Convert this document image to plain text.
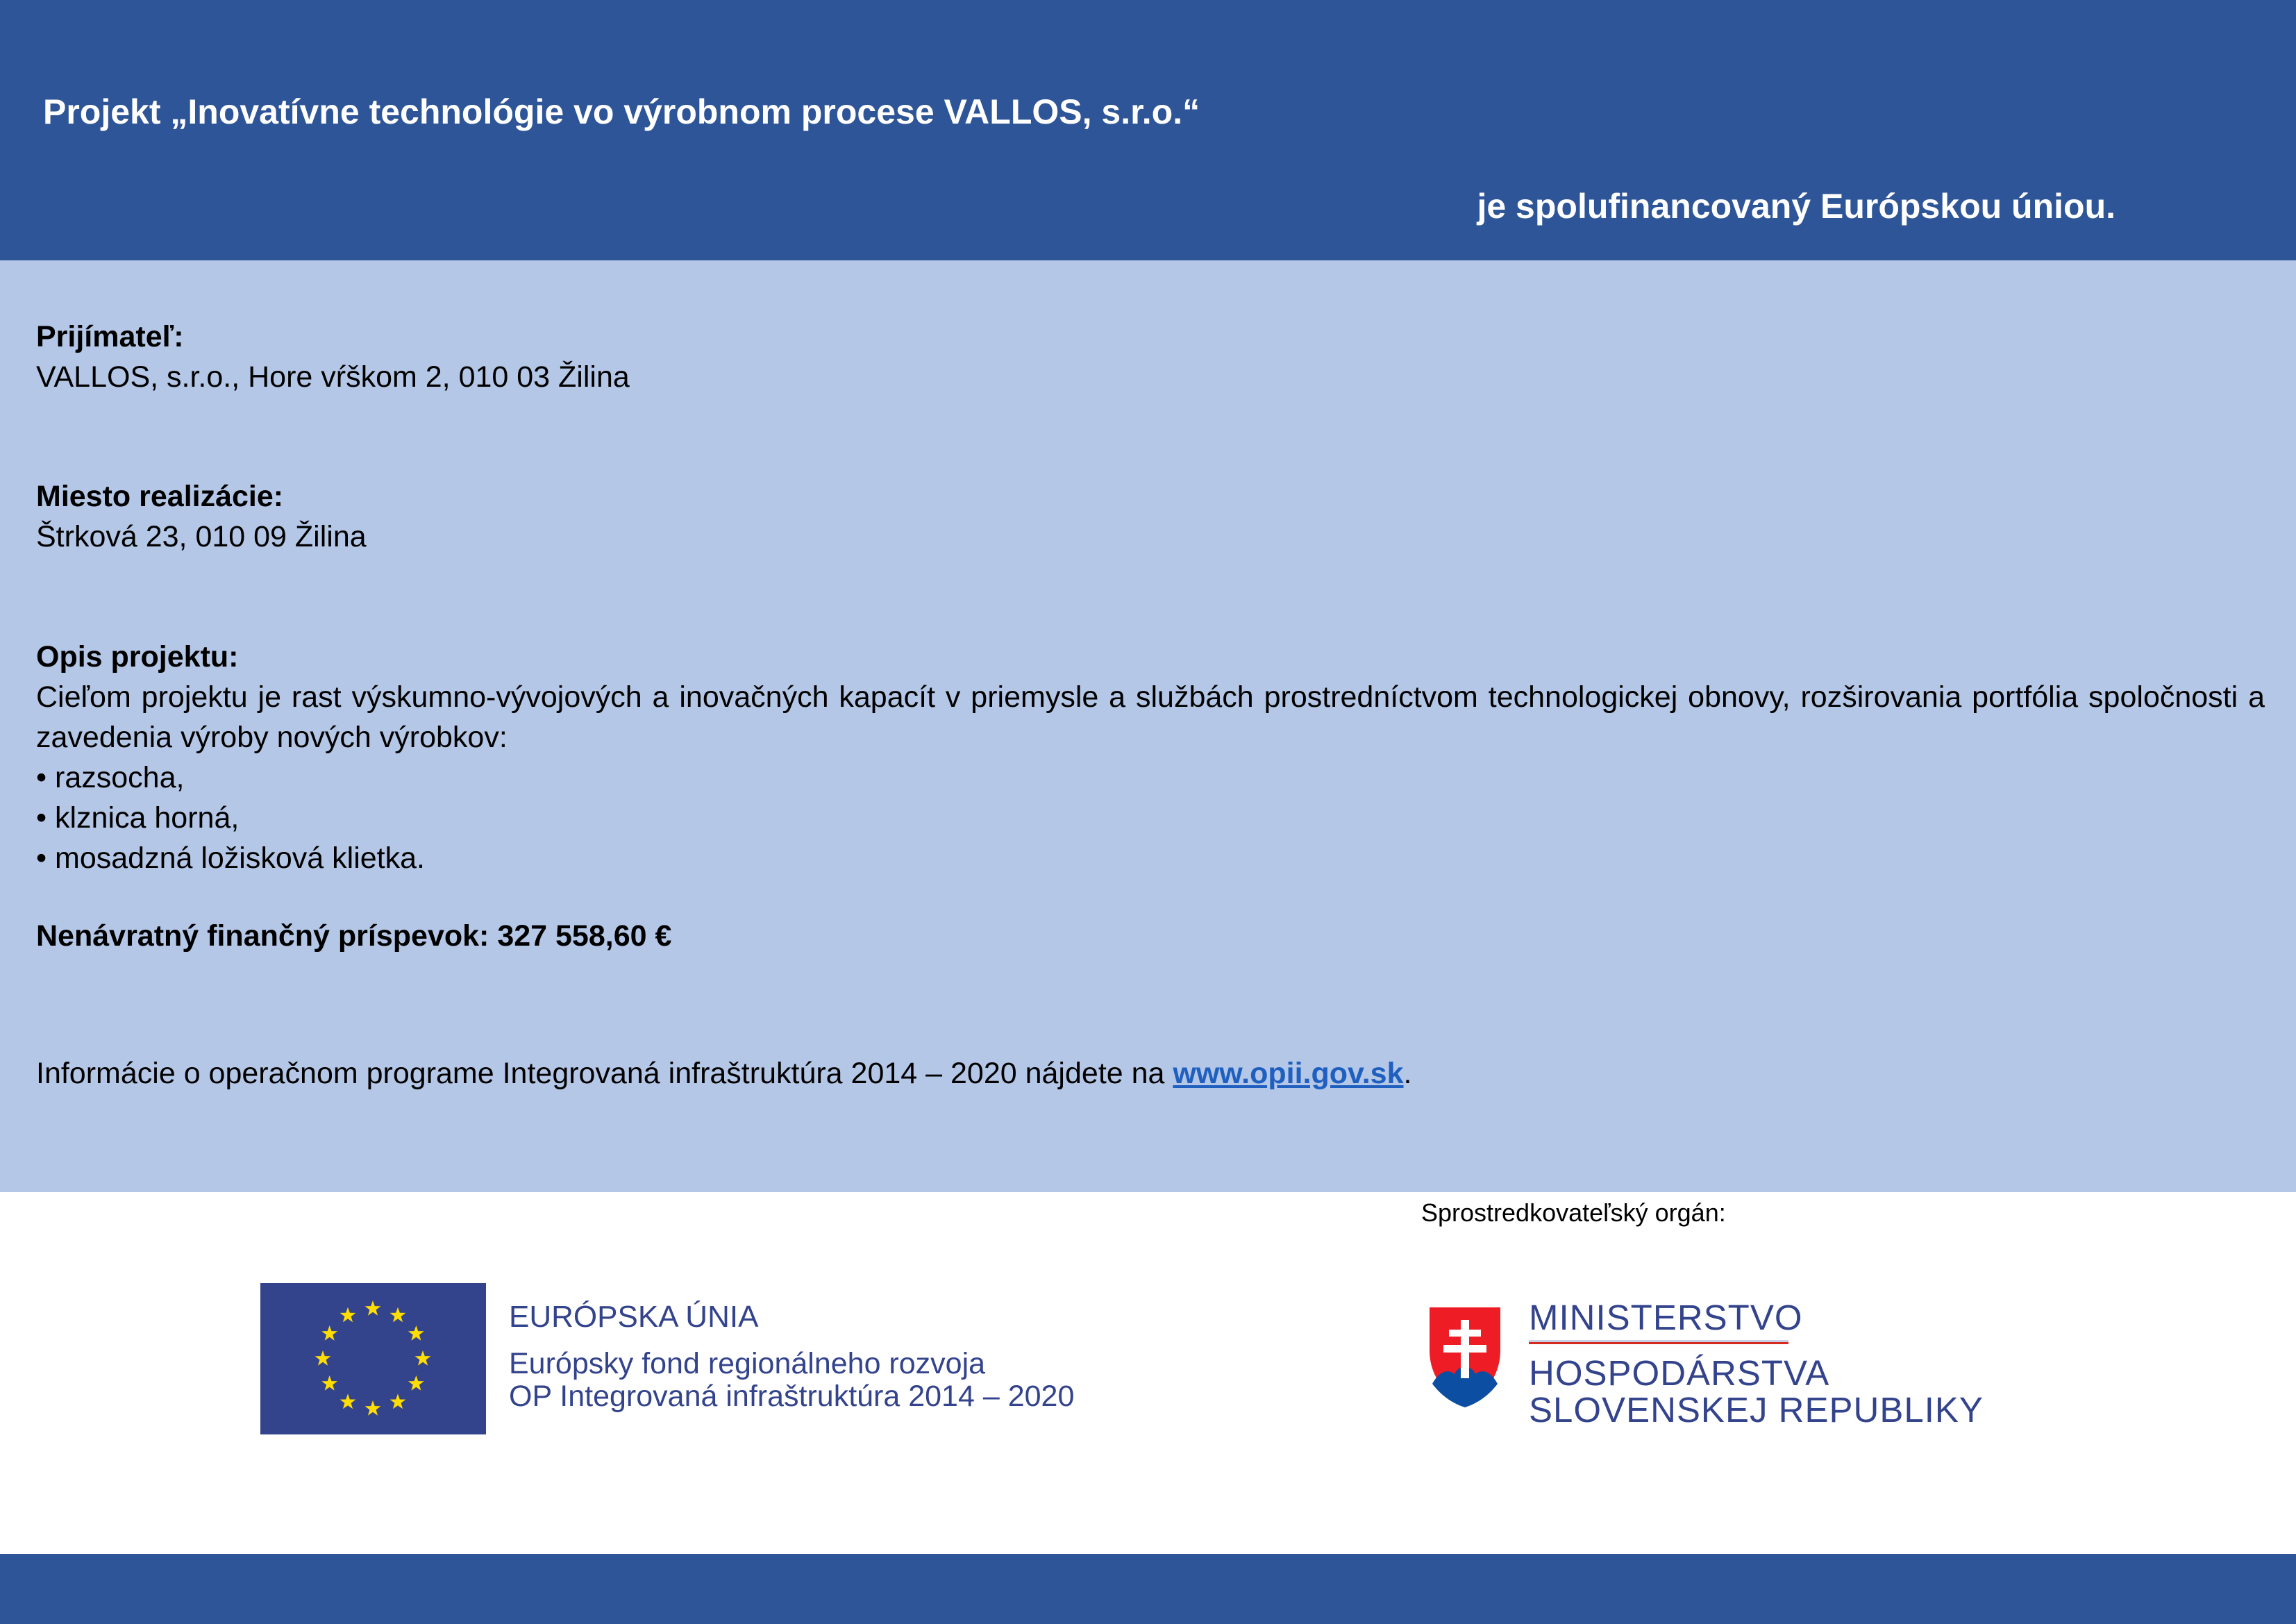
Projekt „Inovatívne technológie vo výrobnom procese VALLOS, s.r.o.“
je spolufinancovaný Európskou úniou.
Prijímateľ:
VALLOS, s.r.o., Hore vŕškom 2, 010 03 Žilina
Miesto realizácie:
Štrková 23, 010 09 Žilina
Opis projektu:
Cieľom projektu je rast výskumno-vývojových a inovačných kapacít v priemysle a službách prostredníctvom technologickej obnovy, rozširovania portfólia spoločnosti a zavedenia výroby nových výrobkov:
• razsocha,
• klznica horná,
• mosadzná ložisková klietka.
Nenávratný finančný príspevok: 327 558,60 €
Informácie o operačnom programe Integrovaná infraštruktúra 2014 – 2020 nájdete na www.opii.gov.sk.
Sprostredkovateľský orgán:
EURÓPSKA ÚNIA
Európsky fond regionálneho rozvoja
OP Integrovaná infraštruktúra 2014 – 2020
MINISTERSTVO
HOSPODÁRSTVA
SLOVENSKEJ REPUBLIKY
